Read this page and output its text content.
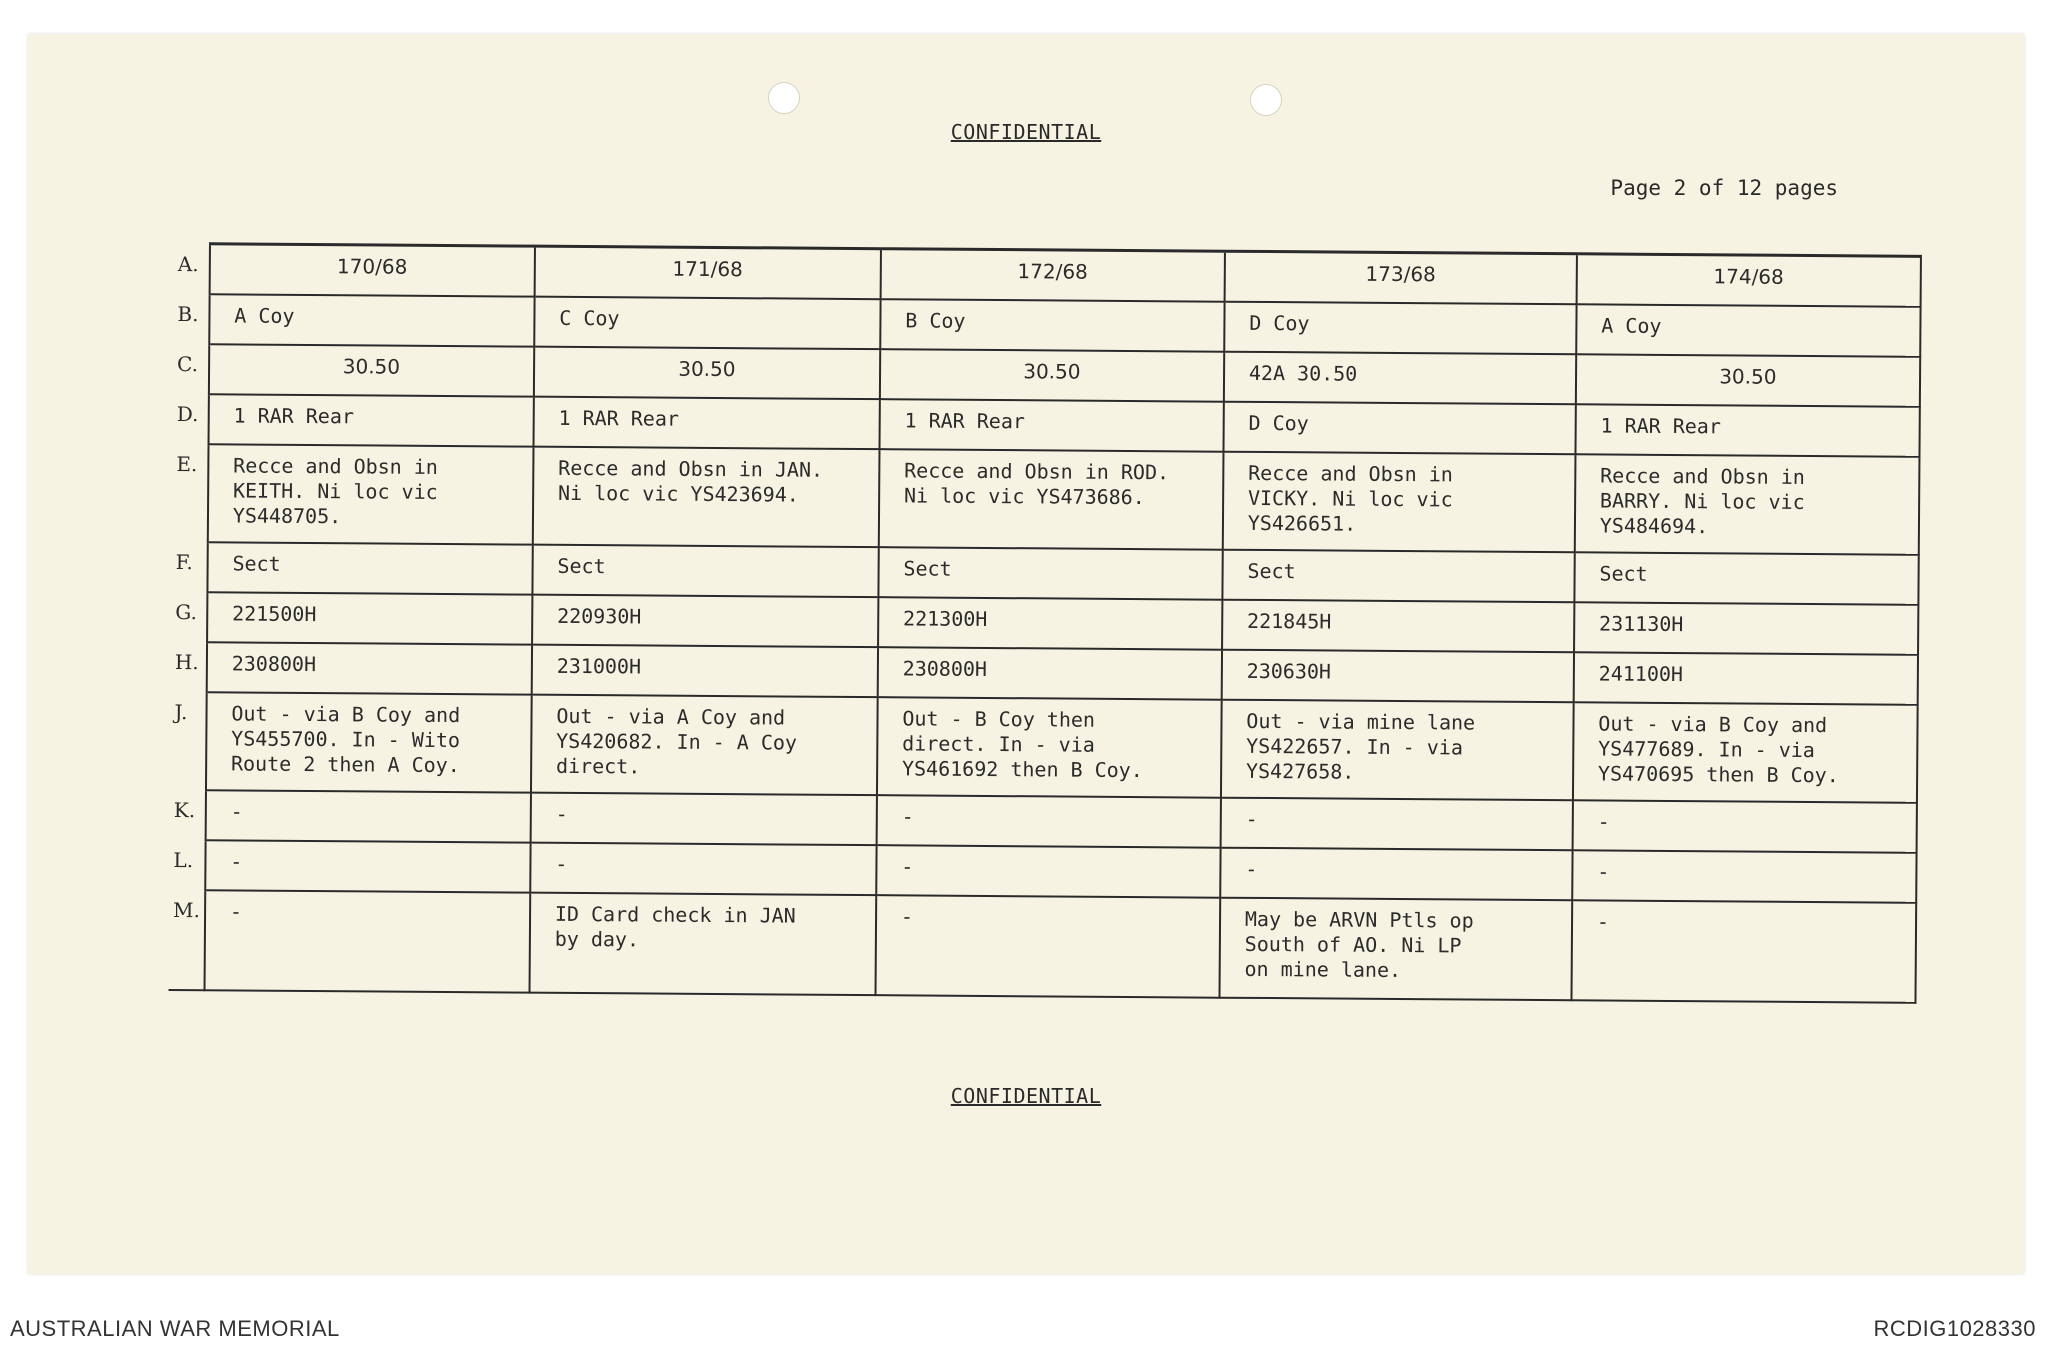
CONFIDENTIAL
Page 2 of 12 pages
A.	170/68	171/68	172/68	173/68	174/68
B.	A Coy	C Coy	B Coy	D Coy	A Coy
C.	30.50	30.50	30.50	42A 30.50	30.50
D.	1 RAR Rear	1 RAR Rear	1 RAR Rear	D Coy	1 RAR Rear
E.	Recce and Obsn in
KEITH. Ni loc vic
YS448705.	Recce and Obsn in JAN.
Ni loc vic YS423694.	Recce and Obsn in ROD.
Ni loc vic YS473686.	Recce and Obsn in
VICKY. Ni loc vic
YS426651.	Recce and Obsn in
BARRY. Ni loc vic
YS484694.
F.	Sect	Sect	Sect	Sect	Sect
G.	221500H	220930H	221300H	221845H	231130H
H.	230800H	231000H	230800H	230630H	241100H
J.	Out - via B Coy and
YS455700. In - Wito
Route 2 then A Coy.	Out - via A Coy and
YS420682. In - A Coy
direct.	Out - B Coy then
direct. In - via
YS461692 then B Coy.	Out - via mine lane
YS422657. In - via
YS427658.	Out - via B Coy and
YS477689. In - via
YS470695 then B Coy.
K.	-	-	-	-	-
L.	-	-	-	-	-
M.	-	ID Card check in JAN
by day.	-	May be ARVN Ptls op
South of AO. Ni LP
on mine lane.	-
CONFIDENTIAL
AUSTRALIAN WAR MEMORIAL	RCDIG1028330
